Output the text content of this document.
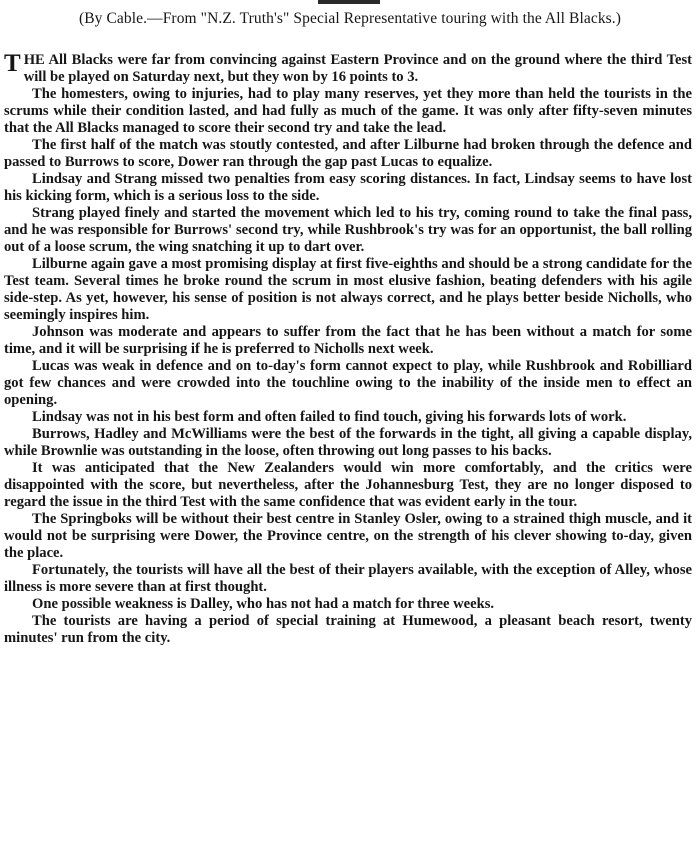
(By Cable.—From "N.Z. Truth's" Special Representative touring with the All Blacks.)

THE All Blacks were far from convincing against Eastern Province and on the ground where the third Test will be played on Saturday next, but they won by 16 points to 3.

The homesters, owing to injuries, had to play many reserves, yet they more than held the tourists in the scrums while their condition lasted, and had fully as much of the game. It was only after fifty-seven minutes that the All Blacks managed to score their second try and take the lead.

The first half of the match was stoutly contested, and after Lilburne had broken through the defence and passed to Burrows to score, Dower ran through the gap past Lucas to equalize.

Lindsay and Strang missed two penalties from easy scoring distances. In fact, Lindsay seems to have lost his kicking form, which is a serious loss to the side.

Strang played finely and started the movement which led to his try, coming round to take the final pass, and he was responsible for Burrows' second try, while Rushbrook's try was for an opportunist, the ball rolling out of a loose scrum, the wing snatching it up to dart over.

Lilburne again gave a most promising display at first five-eighths and should be a strong candidate for the Test team. Several times he broke round the scrum in most elusive fashion, beating defenders with his agile side-step. As yet, however, his sense of position is not always correct, and he plays better beside Nicholls, who seemingly inspires him.

Johnson was moderate and appears to suffer from the fact that he has been without a match for some time, and it will be surprising if he is preferred to Nicholls next week.

Lucas was weak in defence and on to-day's form cannot expect to play, while Rushbrook and Robilliard got few chances and were crowded into the touchline owing to the inability of the inside men to effect an opening.

Lindsay was not in his best form and often failed to find touch, giving his forwards lots of work.

Burrows, Hadley and McWilliams were the best of the forwards in the tight, all giving a capable display, while Brownlie was outstanding in the loose, often throwing out long passes to his backs.

It was anticipated that the New Zealanders would win more comfortably, and the critics were disappointed with the score, but nevertheless, after the Johannesburg Test, they are no longer disposed to regard the issue in the third Test with the same confidence that was evident early in the tour.

The Springboks will be without their best centre in Stanley Osler, owing to a strained thigh muscle, and it would not be surprising were Dower, the Province centre, on the strength of his clever showing to-day, given the place.

Fortunately, the tourists will have all the best of their players available, with the exception of Alley, whose illness is more severe than at first thought.

One possible weakness is Dalley, who has not had a match for three weeks.

The tourists are having a period of special training at Humewood, a pleasant beach resort, twenty minutes' run from the city.
